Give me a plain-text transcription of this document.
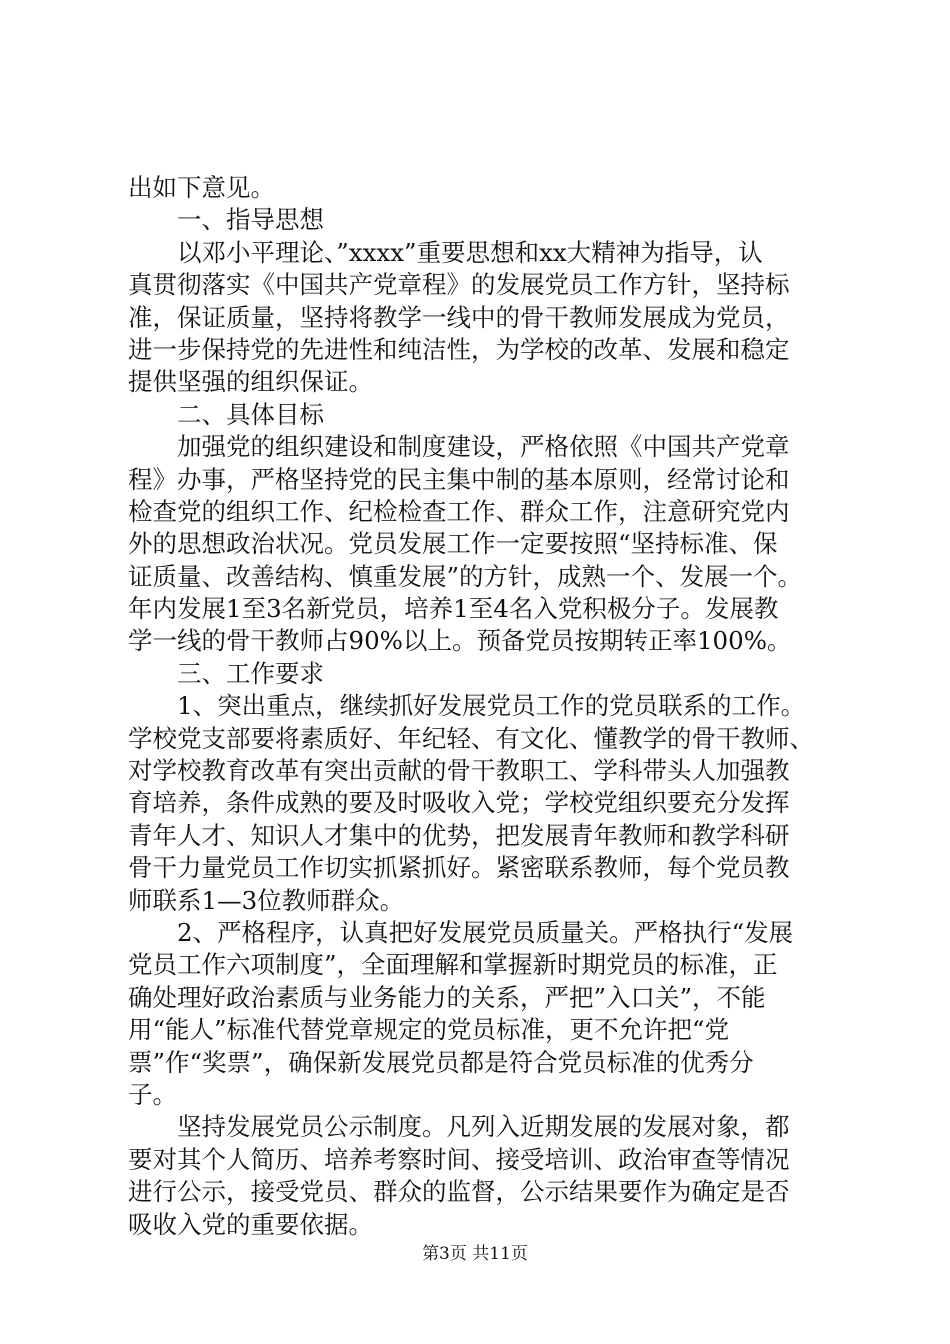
出如下意见。
　　一、指导思想
　　以邓小平理论、”xxxx”重要思想和xx大精神为指导，认
真贯彻落实《中国共产党章程》的发展党员工作方针，坚持标
准，保证质量，坚持将教学一线中的骨干教师发展成为党员，
进一步保持党的先进性和纯洁性，为学校的改革、发展和稳定
提供坚强的组织保证。
　　二、具体目标
　　加强党的组织建设和制度建设，严格依照《中国共产党章
程》办事，严格坚持党的民主集中制的基本原则，经常讨论和
检查党的组织工作、纪检检查工作、群众工作，注意研究党内
外的思想政治状况。党员发展工作一定要按照“坚持标准、保
证质量、改善结构、慎重发展”的方针，成熟一个、发展一个。
年内发展1至3名新党员，培养1至4名入党积极分子。发展教
学一线的骨干教师占90%以上。预备党员按期转正率100%。
　　三、工作要求
　　1、突出重点，继续抓好发展党员工作的党员联系的工作。
学校党支部要将素质好、年纪轻、有文化、懂教学的骨干教师、
对学校教育改革有突出贡献的骨干教职工、学科带头人加强教
育培养，条件成熟的要及时吸收入党；学校党组织要充分发挥
青年人才、知识人才集中的优势，把发展青年教师和教学科研
骨干力量党员工作切实抓紧抓好。紧密联系教师，每个党员教
师联系1—3位教师群众。
　　2、严格程序，认真把好发展党员质量关。严格执行“发展
党员工作六项制度”，全面理解和掌握新时期党员的标准，正
确处理好政治素质与业务能力的关系，严把”入口关”，不能
用“能人”标准代替党章规定的党员标准，更不允许把“党
票”作“奖票”，确保新发展党员都是符合党员标准的优秀分
子。
　　坚持发展党员公示制度。凡列入近期发展的发展对象，都
要对其个人简历、培养考察时间、接受培训、政治审查等情况
进行公示，接受党员、群众的监督，公示结果要作为确定是否
吸收入党的重要依据。
第3页 共11页
